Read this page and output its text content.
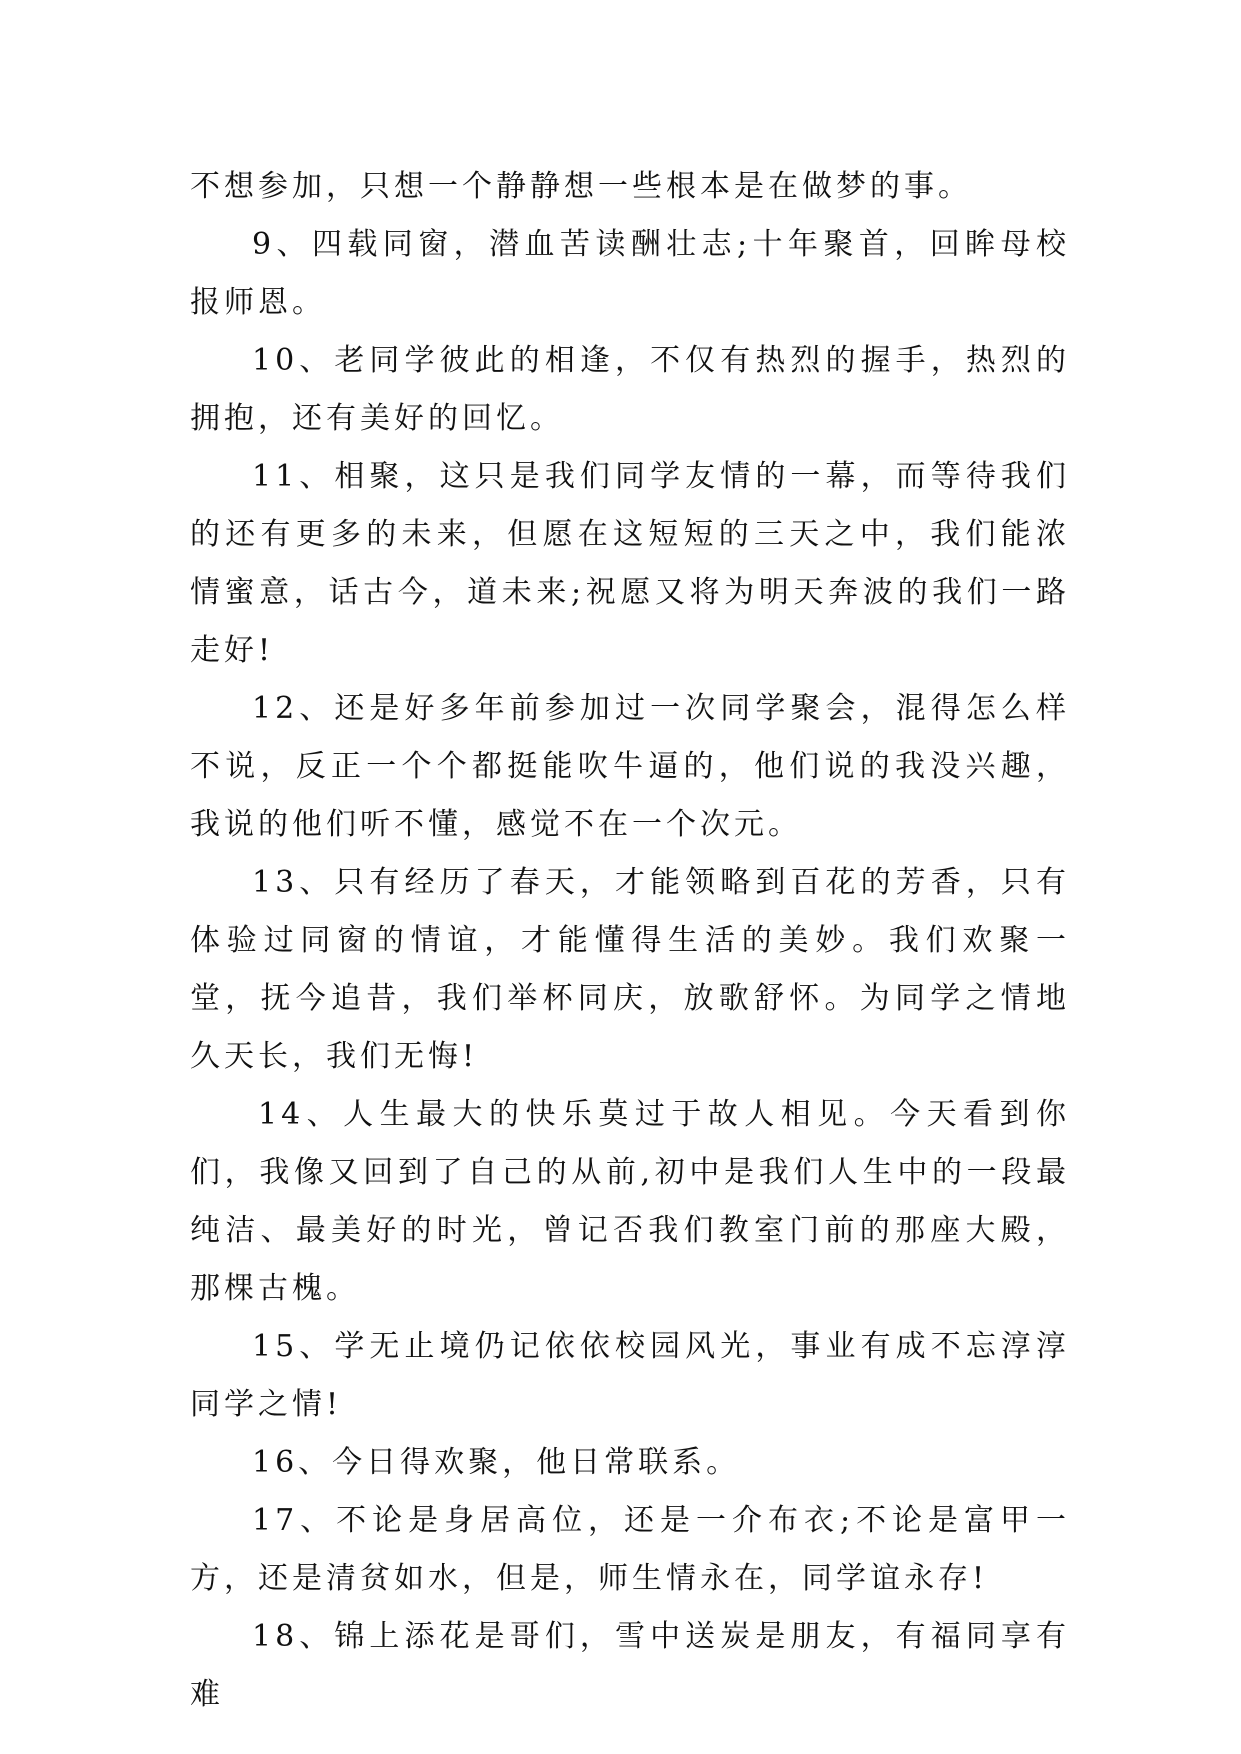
不想参加，只想一个静静想一些根本是在做梦的事。

9、四载同窗，潜血苦读酬壮志;十年聚首，回眸母校报师恩。

10、老同学彼此的相逢，不仅有热烈的握手，热烈的拥抱，还有美好的回忆。

11、相聚，这只是我们同学友情的一幕，而等待我们的还有更多的未来，但愿在这短短的三天之中，我们能浓情蜜意，话古今，道未来;祝愿又将为明天奔波的我们一路走好!

12、还是好多年前参加过一次同学聚会，混得怎么样不说，反正一个个都挺能吹牛逼的，他们说的我没兴趣，我说的他们听不懂，感觉不在一个次元。

13、只有经历了春天，才能领略到百花的芳香，只有体验过同窗的情谊，才能懂得生活的美妙。我们欢聚一堂，抚今追昔，我们举杯同庆，放歌舒怀。为同学之情地久天长，我们无悔!

14、人生最大的快乐莫过于故人相见。今天看到你们，我像又回到了自己的从前,初中是我们人生中的一段最纯洁、最美好的时光，曾记否我们教室门前的那座大殿，那棵古槐。

15、学无止境仍记依依校园风光，事业有成不忘淳淳同学之情!

16、今日得欢聚，他日常联系。

17、不论是身居高位，还是一介布衣;不论是富甲一方，还是清贫如水，但是，师生情永在，同学谊永存!

18、锦上添花是哥们，雪中送炭是朋友，有福同享有难
